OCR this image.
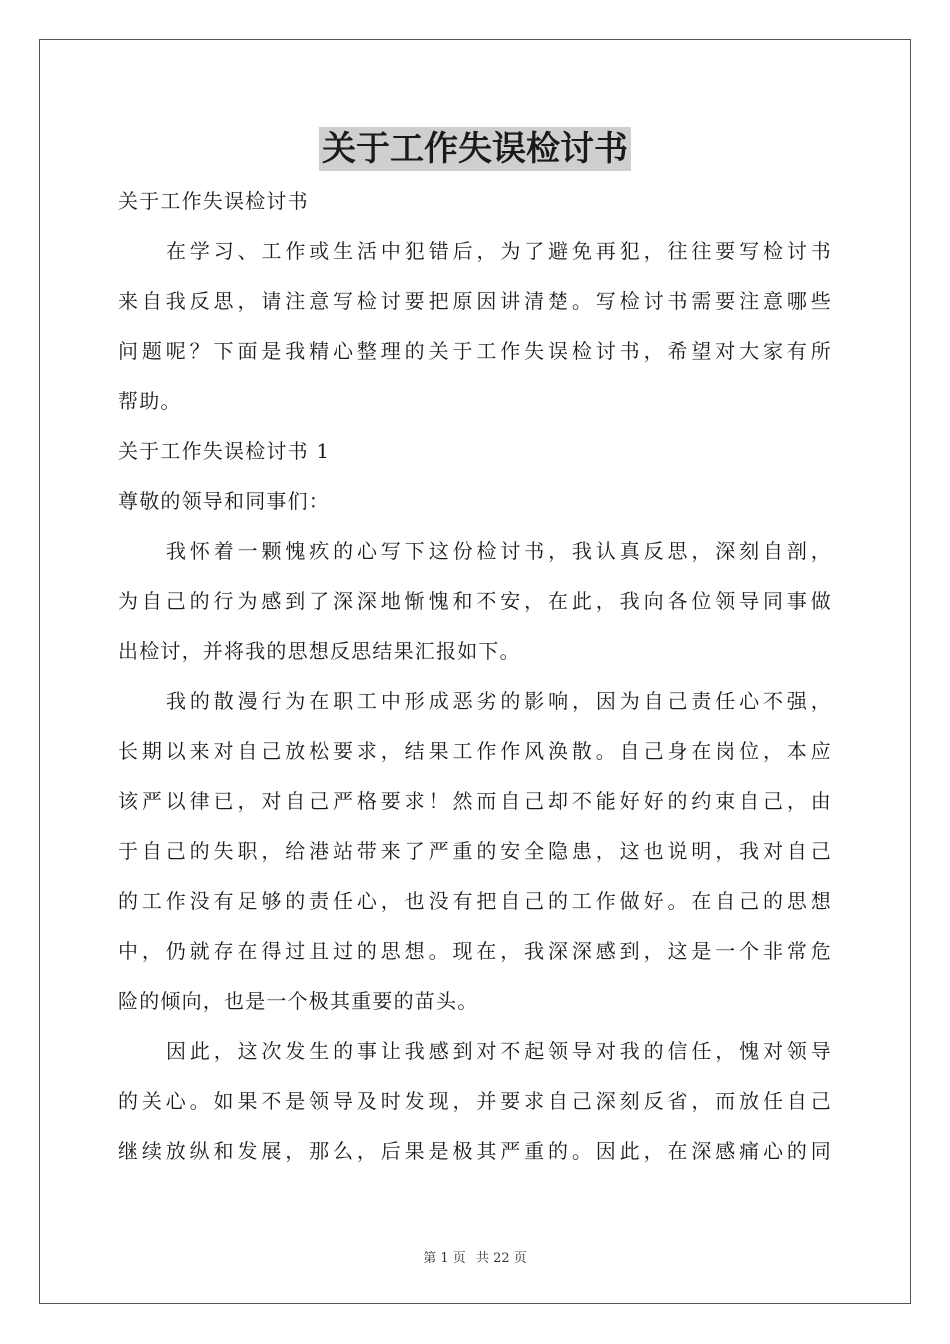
关于工作失误检讨书
关于工作失误检讨书
在学习、工作或生活中犯错后，为了避免再犯，往往要写检讨书
来自我反思，请注意写检讨要把原因讲清楚。写检讨书需要注意哪些
问题呢？下面是我精心整理的关于工作失误检讨书，希望对大家有所
帮助。
关于工作失误检讨书 1
尊敬的领导和同事们：
我怀着一颗愧疚的心写下这份检讨书，我认真反思，深刻自剖，
为自己的行为感到了深深地惭愧和不安，在此，我向各位领导同事做
出检讨，并将我的思想反思结果汇报如下。
我的散漫行为在职工中形成恶劣的影响，因为自己责任心不强，
长期以来对自己放松要求，结果工作作风涣散。自己身在岗位，本应
该严以律已，对自己严格要求！然而自己却不能好好的约束自己，由
于自己的失职，给港站带来了严重的安全隐患，这也说明，我对自己
的工作没有足够的责任心，也没有把自己的工作做好。在自己的思想
中，仍就存在得过且过的思想。现在，我深深感到，这是一个非常危
险的倾向，也是一个极其重要的苗头。
因此，这次发生的事让我感到对不起领导对我的信任，愧对领导
的关心。如果不是领导及时发现，并要求自己深刻反省，而放任自己
继续放纵和发展，那么，后果是极其严重的。因此，在深感痛心的同
第 1 页 共 22 页
